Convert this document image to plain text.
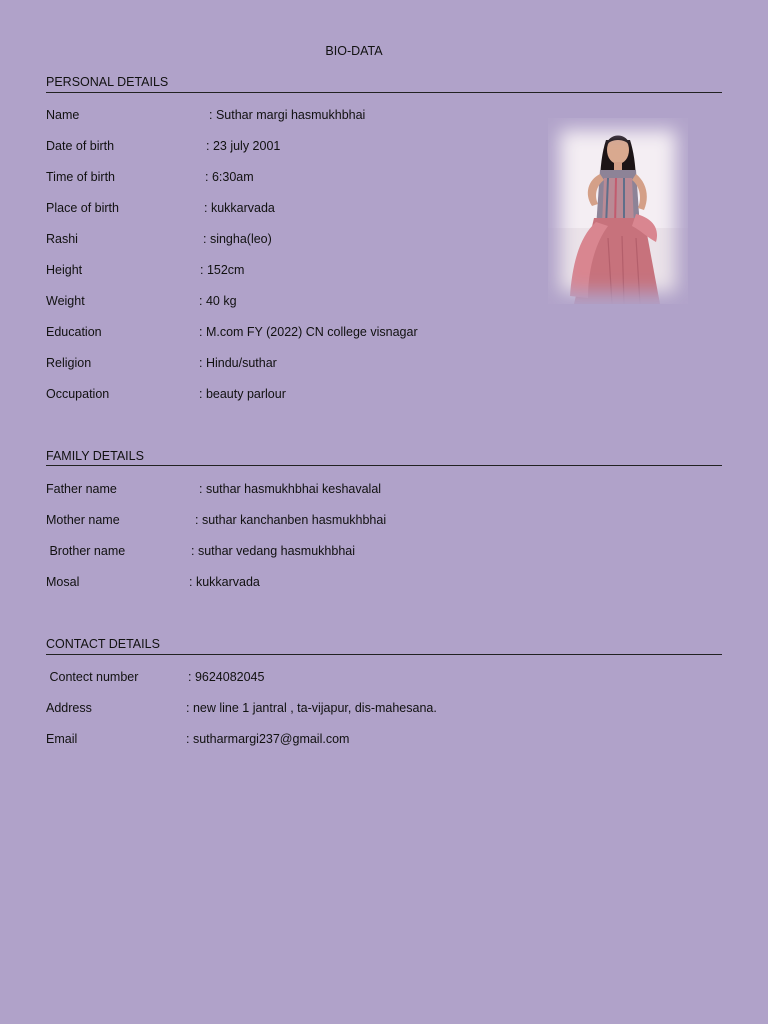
BIO-DATA
PERSONAL DETAILS
Name	: Suthar margi hasmukhbhai
Date of birth	: 23 july 2001
Time of birth	: 6:30am
Place of birth	: kukkarvada
Rashi	: singha(leo)
Height	: 152cm
Weight	: 40 kg
Education	: M.com FY (2022) CN college visnagar
Religion	: Hindu/suthar
Occupation	: beauty parlour
FAMILY DETAILS
Father name	: suthar hasmukhbhai keshavalal
Mother name	: suthar kanchanben hasmukhbhai
Brother name	: suthar vedang hasmukhbhai
Mosal	: kukkarvada
CONTACT DETAILS
Contect number	: 9624082045
Address	: new line 1 jantral , ta-vijapur, dis-mahesana.
Email	: sutharmargi237@gmail.com
